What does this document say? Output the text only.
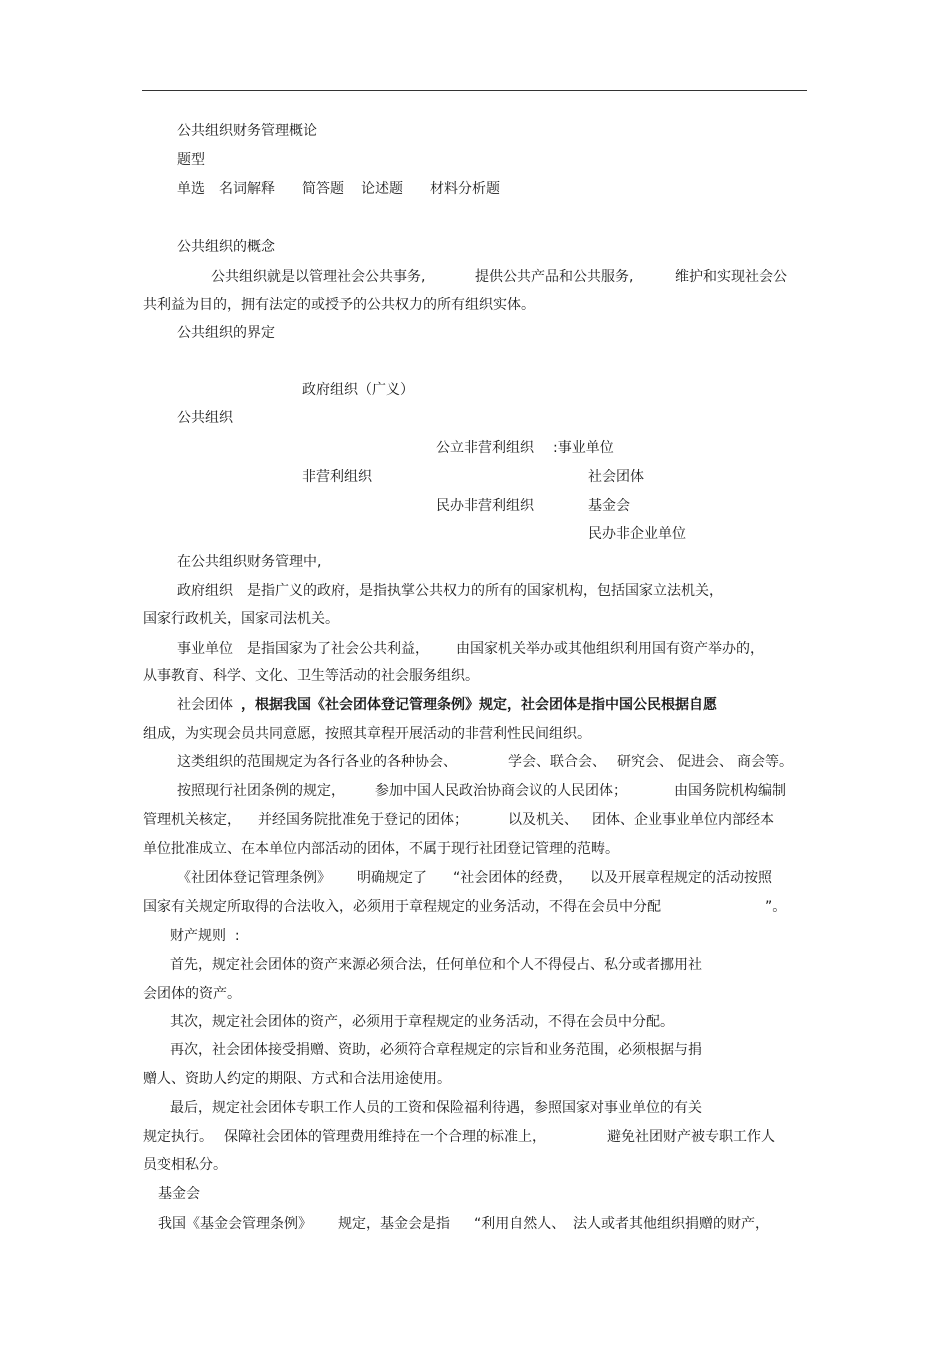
公共组织财务管理概论
题型
单选 名词解释 简答题 论述题 材料分析题
公共组织的概念
公共组织就是以管理社会公共事务,	提供公共产品和公共服务,	维护和实现社会公
共利益为目的，拥有法定的或授予的公共权力的所有组织实体。
公共组织的界定
政府组织（广义）
公共组织
公立非营利组织 :事业单位
非营利组织	社会团体
民办非营利组织	基金会
民办非企业单位
在公共组织财务管理中,
政府组织 是指广义的政府，是指执掌公共权力的所有的国家机构，包括国家立法机关，
国家行政机关，国家司法机关。
事业单位 是指国家为了社会公共利益， 由国家机关举办或其他组织利用国有资产举办的，
从事教育、科学、文化、卫生等活动的社会服务组织。
社会团体 ，根据我国《社会团体登记管理条例》规定，社会团体是指中国公民根据自愿
组成，为实现会员共同意愿，按照其章程开展活动的非营利性民间组织。
这类组织的范围规定为各行各业的各种协会、	学会、联合会、 研究会、 促进会、 商会等。
按照现行社团条例的规定， 参加中国人民政治协商会议的人民团体；	由国务院机构编制
管理机关核定， 并经国务院批准免于登记的团体；	以及机关、 团体、企业事业单位内部经本
单位批准成立、在本单位内部活动的团体，不属于现行社团登记管理的范畴。
《社团体登记管理条例》 明确规定了 “社会团体的经费， 以及开展章程规定的活动按照
国家有关规定所取得的合法收入，必须用于章程规定的业务活动，不得在会员中分配	”。
财产规则  :
首先，规定社会团体的资产来源必须合法，任何单位和个人不得侵占、私分或者挪用社
会团体的资产。
其次，规定社会团体的资产，必须用于章程规定的业务活动，不得在会员中分配。
再次，社会团体接受捐赠、资助，必须符合章程规定的宗旨和业务范围，必须根据与捐
赠人、资助人约定的期限、方式和合法用途使用。
最后，规定社会团体专职工作人员的工资和保险福利待遇，参照国家对事业单位的有关
规定执行。 保障社会团体的管理费用维持在一个合理的标准上，	避免社团财产被专职工作人
员变相私分。
基金会
我国《基金会管理条例》 规定，基金会是指 “利用自然人、 法人或者其他组织捐赠的财产，
